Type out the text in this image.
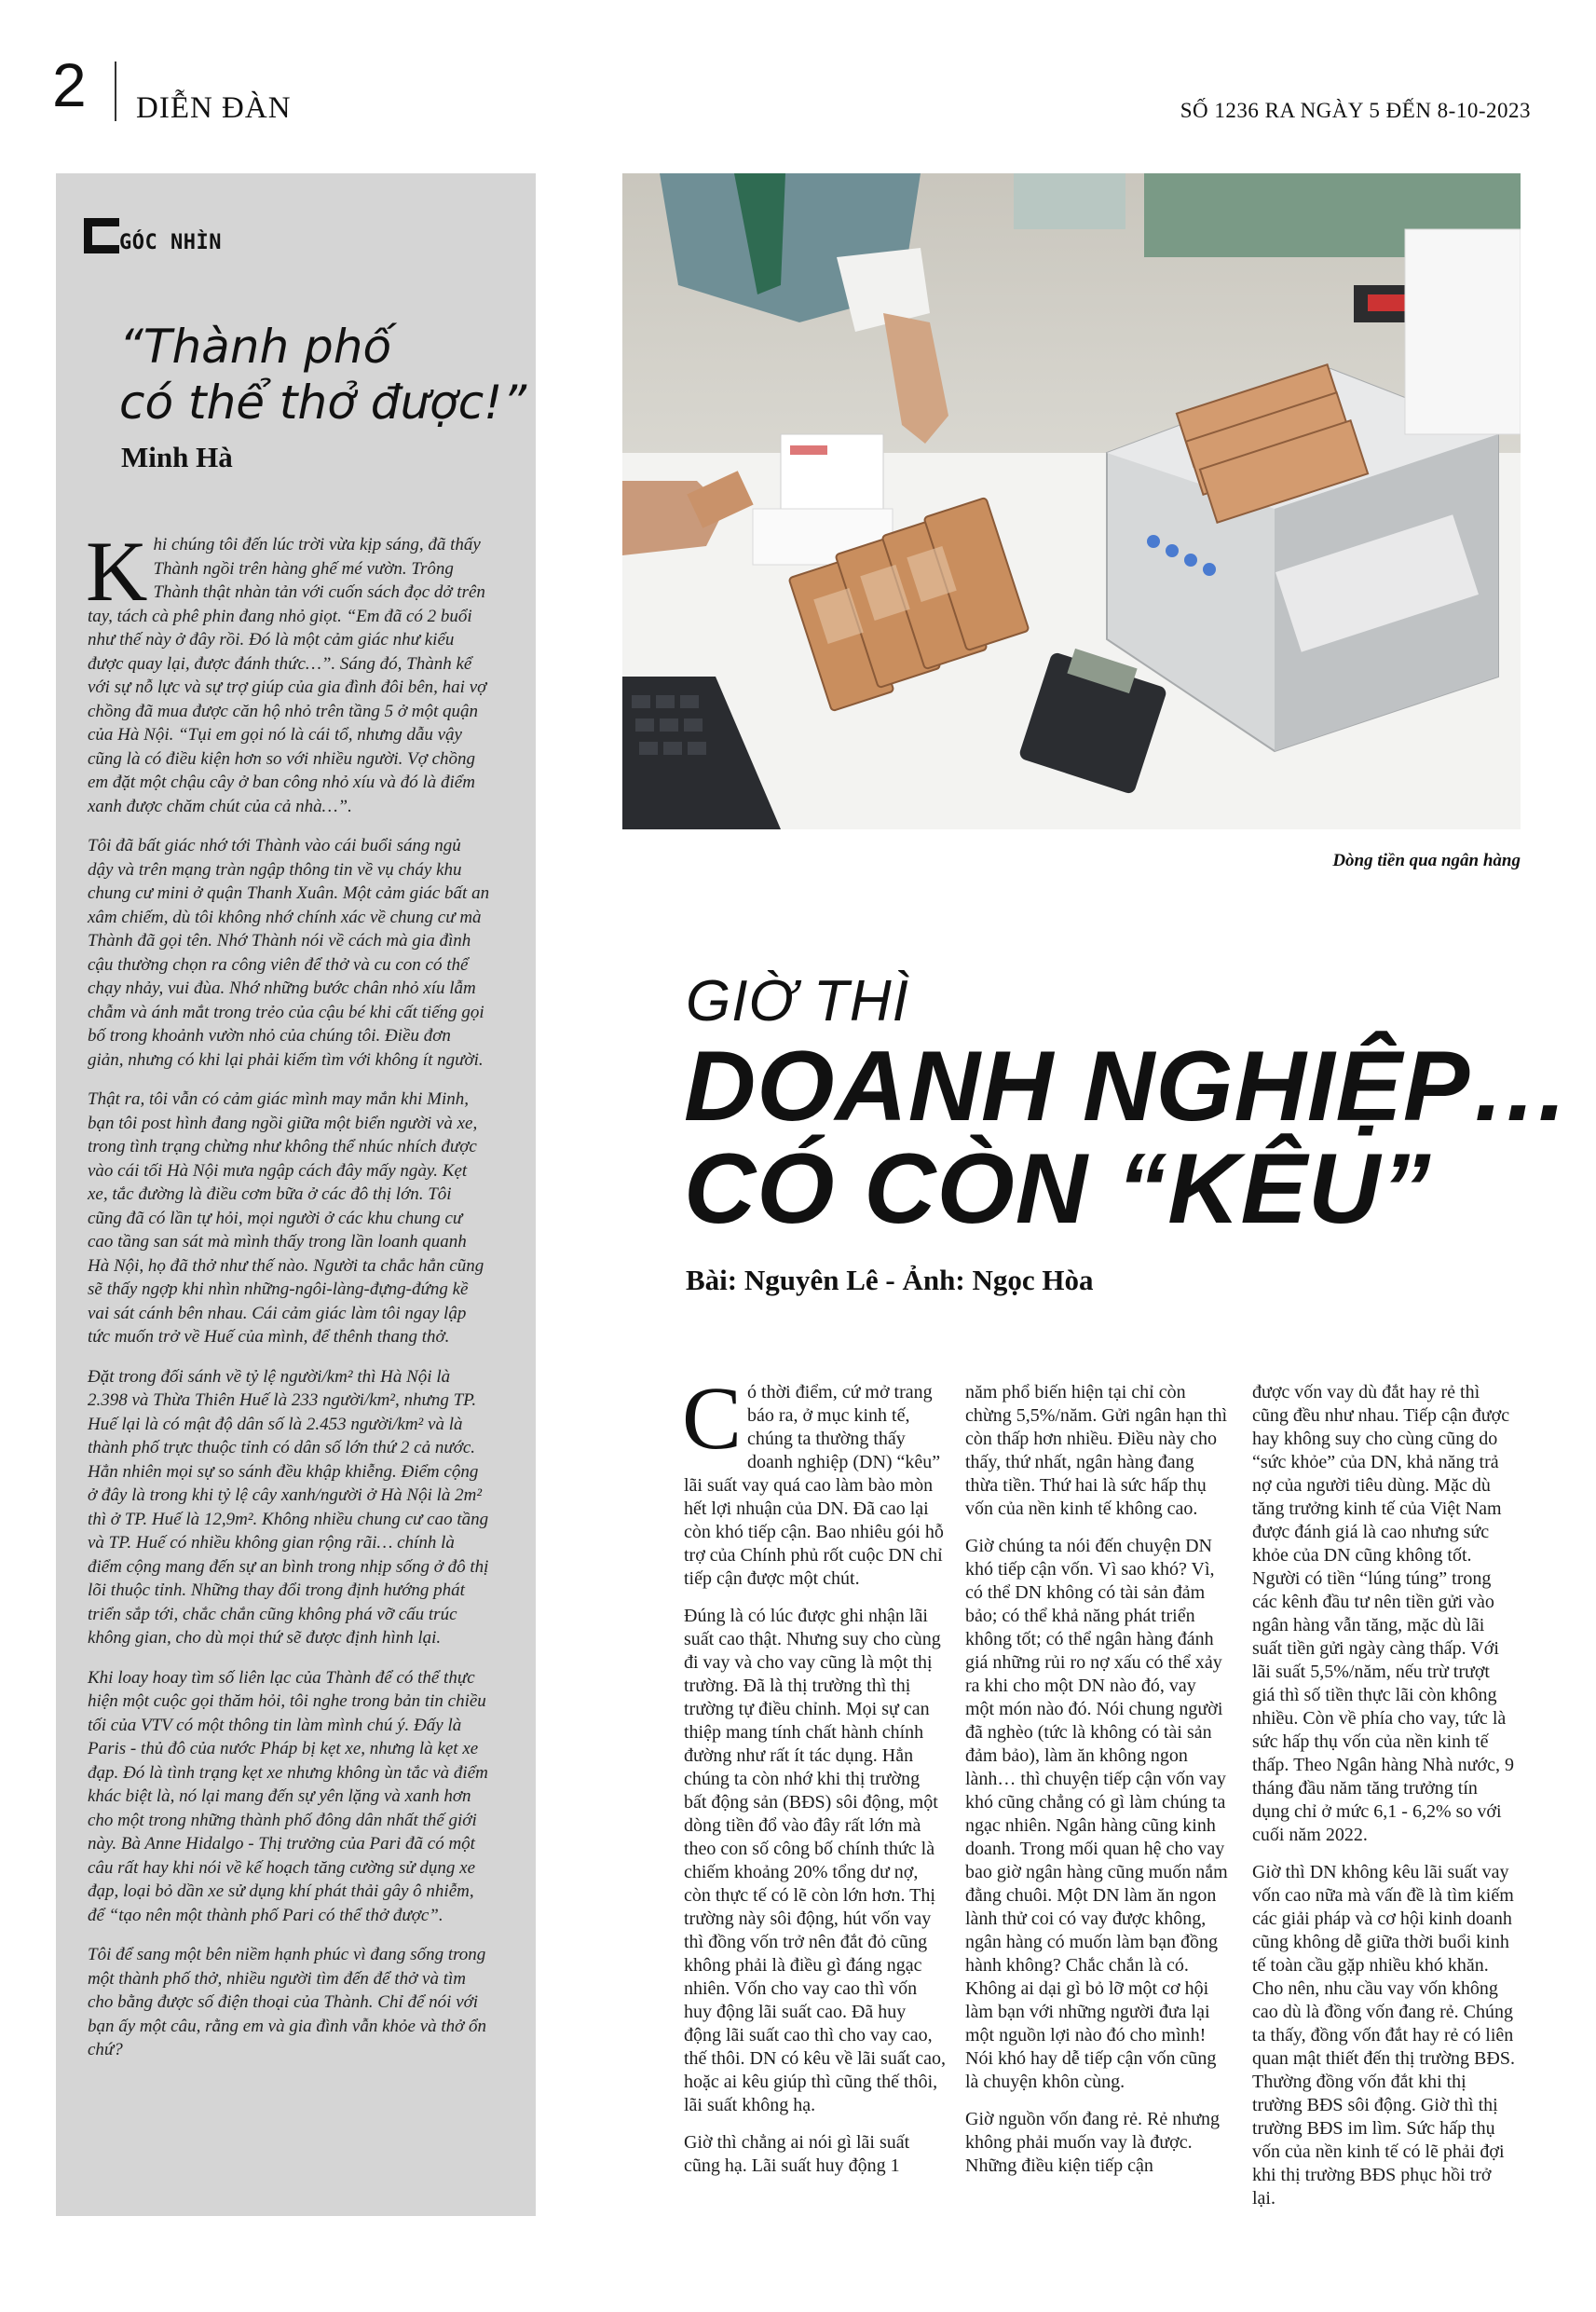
2 DIỄN ĐÀN	SỐ 1236 RA NGÀY 5 ĐẾN 8-10-2023
GÓC NHÌN
“Thành phố
có thể thở được!”
Minh Hà

Khi chúng tôi đến lúc trời vừa kịp sáng, đã thấy Thành ngồi trên hàng ghế mé vườn. Trông Thành thật nhàn tản với cuốn sách đọc dở trên tay, tách cà phê phin đang nhỏ giọt. “Em đã có 2 buổi như thế này ở đây rồi. Đó là một cảm giác như kiểu được quay lại, được đánh thức…”. Sáng đó, Thành kể với sự nỗ lực và sự trợ giúp của gia đình đôi bên, hai vợ chồng đã mua được căn hộ nhỏ trên tầng 5 ở một quận của Hà Nội. “Tụi em gọi nó là cái tổ, nhưng dẫu vậy cũng là có điều kiện hơn so với nhiều người. Vợ chồng em đặt một chậu cây ở ban công nhỏ xíu và đó là điểm xanh được chăm chút của cả nhà…”.

Tôi đã bất giác nhớ tới Thành vào cái buổi sáng ngủ dậy và trên mạng tràn ngập thông tin về vụ cháy khu chung cư mini ở quận Thanh Xuân. Một cảm giác bất an xâm chiếm, dù tôi không nhớ chính xác về chung cư mà Thành đã gọi tên. Nhớ Thành nói về cách mà gia đình cậu thường chọn ra công viên để thở và cu con có thể chạy nhảy, vui đùa. Nhớ những bước chân nhỏ xíu lẫm chẫm và ánh mắt trong trẻo của cậu bé khi cất tiếng gọi bố trong khoảnh vườn nhỏ của chúng tôi. Điều đơn giản, nhưng có khi lại phải kiếm tìm với không ít người.

Thật ra, tôi vẫn có cảm giác mình may mắn khi Minh, bạn tôi post hình đang ngồi giữa một biển người và xe, trong tình trạng chừng như không thể nhúc nhích được vào cái tối Hà Nội mưa ngập cách đây mấy ngày. Kẹt xe, tắc đường là điều cơm bữa ở các đô thị lớn. Tôi cũng đã có lần tự hỏi, mọi người ở các khu chung cư cao tầng san sát mà mình thấy trong lần loanh quanh Hà Nội, họ đã thở như thế nào. Người ta chắc hẳn cũng sẽ thấy ngợp khi nhìn những-ngôi-làng-đựng-đứng kề vai sát cánh bên nhau. Cái cảm giác làm tôi ngay lập tức muốn trở về Huế của mình, để thênh thang thở.

Đặt trong đối sánh về tỷ lệ người/km² thì Hà Nội là 2.398 và Thừa Thiên Huế là 233 người/km², nhưng TP. Huế lại là có mật độ dân số là 2.453 người/km² và là thành phố trực thuộc tỉnh có dân số lớn thứ 2 cả nước. Hẳn nhiên mọi sự so sánh đều khập khiễng. Điểm cộng ở đây là trong khi tỷ lệ cây xanh/người ở Hà Nội là 2m² thì ở TP. Huế là 12,9m². Không nhiều chung cư cao tầng và TP. Huế có nhiều không gian rộng rãi… chính là điểm cộng mang đến sự an bình trong nhịp sống ở đô thị lõi thuộc tỉnh. Những thay đổi trong định hướng phát triển sắp tới, chắc chắn cũng không phá vỡ cấu trúc không gian, cho dù mọi thứ sẽ được định hình lại.

Khi loay hoay tìm số liên lạc của Thành để có thể thực hiện một cuộc gọi thăm hỏi, tôi nghe trong bản tin chiều tối của VTV có một thông tin làm mình chú ý. Đấy là Paris - thủ đô của nước Pháp bị kẹt xe, nhưng là kẹt xe đạp. Đó là tình trạng kẹt xe nhưng không ùn tắc và điểm khác biệt là, nó lại mang đến sự yên lặng và xanh hơn cho một trong những thành phố đông dân nhất thế giới này. Bà Anne Hidalgo - Thị trưởng của Pari đã có một câu rất hay khi nói về kế hoạch tăng cường sử dụng xe đạp, loại bỏ dần xe sử dụng khí phát thải gây ô nhiễm, để “tạo nên một thành phố Pari có thể thở được”.

Tôi để sang một bên niềm hạnh phúc vì đang sống trong một thành phố thở, nhiều người tìm đến để thở và tìm cho bằng được số điện thoại của Thành. Chỉ để nói với bạn ấy một câu, rằng em và gia đình vẫn khỏe và thở ổn chứ?

Dòng tiền qua ngân hàng
GIỜ THÌ
DOANH NGHIỆP…
CÓ CÒN “KÊU”
Bài: Nguyên Lê - Ảnh: Ngọc Hòa

Có thời điểm, cứ mở trang báo ra, ở mục kinh tế, chúng ta thường thấy doanh nghiệp (DN) “kêu” lãi suất vay quá cao làm bào mòn hết lợi nhuận của DN. Đã cao lại còn khó tiếp cận. Bao nhiêu gói hỗ trợ của Chính phủ rốt cuộc DN chỉ tiếp cận được một chút.

Đúng là có lúc được ghi nhận lãi suất cao thật. Nhưng suy cho cùng đi vay và cho vay cũng là một thị trường. Đã là thị trường thì thị trường tự điều chỉnh. Mọi sự can thiệp mang tính chất hành chính đường như rất ít tác dụng. Hẳn chúng ta còn nhớ khi thị trường bất động sản (BĐS) sôi động, một dòng tiền đổ vào đây rất lớn mà theo con số công bố chính thức là chiếm khoảng 20% tổng dư nợ, còn thực tế có lẽ còn lớn hơn. Thị trường này sôi động, hút vốn vay thì đồng vốn trở nên đắt đỏ cũng không phải là điều gì đáng ngạc nhiên. Vốn cho vay cao thì vốn huy động lãi suất cao. Đã huy động lãi suất cao thì cho vay cao, thế thôi. DN có kêu về lãi suất cao, hoặc ai kêu giúp thì cũng thế thôi, lãi suất không hạ.

Giờ thì chẳng ai nói gì lãi suất cũng hạ. Lãi suất huy động 1

năm phổ biến hiện tại chỉ còn chừng 5,5%/năm. Gửi ngân hạn thì còn thấp hơn nhiều. Điều này cho thấy, thứ nhất, ngân hàng đang thừa tiền. Thứ hai là sức hấp thụ vốn của nền kinh tế không cao.

Giờ chúng ta nói đến chuyện DN khó tiếp cận vốn. Vì sao khó? Vì, có thể DN không có tài sản đảm bảo; có thể khả năng phát triển không tốt; có thể ngân hàng đánh giá những rủi ro nợ xấu có thể xảy ra khi cho một DN nào đó, vay một món nào đó. Nói chung người đã nghèo (tức là không có tài sản đảm bảo), làm ăn không ngon lành… thì chuyện tiếp cận vốn vay khó cũng chẳng có gì làm chúng ta ngạc nhiên. Ngân hàng cũng kinh doanh. Trong mối quan hệ cho vay bao giờ ngân hàng cũng muốn nắm đằng chuôi. Một DN làm ăn ngon lành thử coi có vay được không, ngân hàng có muốn làm bạn đồng hành không? Chắc chắn là có. Không ai dại gì bỏ lỡ một cơ hội làm bạn với những người đưa lại một nguồn lợi nào đó cho mình! Nói khó hay dễ tiếp cận vốn cũng là chuyện khôn cùng.

Giờ nguồn vốn đang rẻ. Rẻ nhưng không phải muốn vay là được. Những điều kiện tiếp cận

được vốn vay dù đắt hay rẻ thì cũng đều như nhau. Tiếp cận được hay không suy cho cùng cũng do “sức khỏe” của DN, khả năng trả nợ của người tiêu dùng. Mặc dù tăng trưởng kinh tế của Việt Nam được đánh giá là cao nhưng sức khỏe của DN cũng không tốt. Người có tiền “lúng túng” trong các kênh đầu tư nên tiền gửi vào ngân hàng vẫn tăng, mặc dù lãi suất tiền gửi ngày càng thấp. Với lãi suất 5,5%/năm, nếu trừ trượt giá thì số tiền thực lãi còn không nhiều. Còn về phía cho vay, tức là sức hấp thụ vốn của nền kinh tế thấp. Theo Ngân hàng Nhà nước, 9 tháng đầu năm tăng trưởng tín dụng chỉ ở mức 6,1 - 6,2% so với cuối năm 2022.

Giờ thì DN không kêu lãi suất vay vốn cao nữa mà vấn đề là tìm kiếm các giải pháp và cơ hội kinh doanh cũng không dễ giữa thời buổi kinh tế toàn cầu gặp nhiều khó khăn. Cho nên, nhu cầu vay vốn không cao dù là đồng vốn đang rẻ. Chúng ta thấy, đồng vốn đắt hay rẻ có liên quan mật thiết đến thị trường BĐS. Thường đồng vốn đắt khi thị trường BĐS sôi động. Giờ thì thị trường BĐS im lìm. Sức hấp thụ vốn của nền kinh tế có lẽ phải đợi khi thị trường BĐS phục hồi trở lại.
